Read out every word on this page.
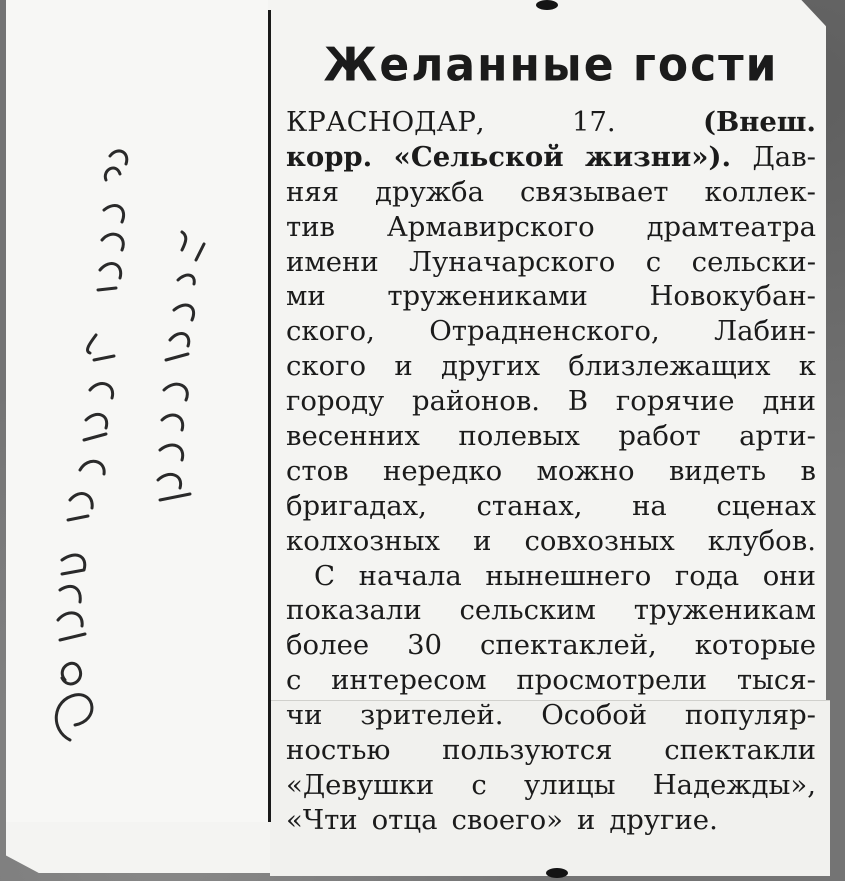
Желанные гости
КРАСНОДАР,	17.	(Внеш.
корр. «Сельской жизни»). Дав-
няя дружба связывает коллек-
тив Армавирского драмтеатра
имени Луначарского с сельски-
ми тружениками Новокубан-
ского, Отрадненского, Лабин-
ского и других близлежащих к
городу районов. В горячие дни
весенних полевых работ арти-
стов нередко можно видеть в
бригадах, станах, на сценах
колхозных и совхозных клубов.
С начала нынешнего года они
показали сельским труженикам
более 30 спектаклей, которые
с интересом просмотрели тыся-
чи зрителей. Особой популяр-
ностью пользуются спектакли
«Девушки с улицы Надежды»,
«Чти отца своего» и другие.
